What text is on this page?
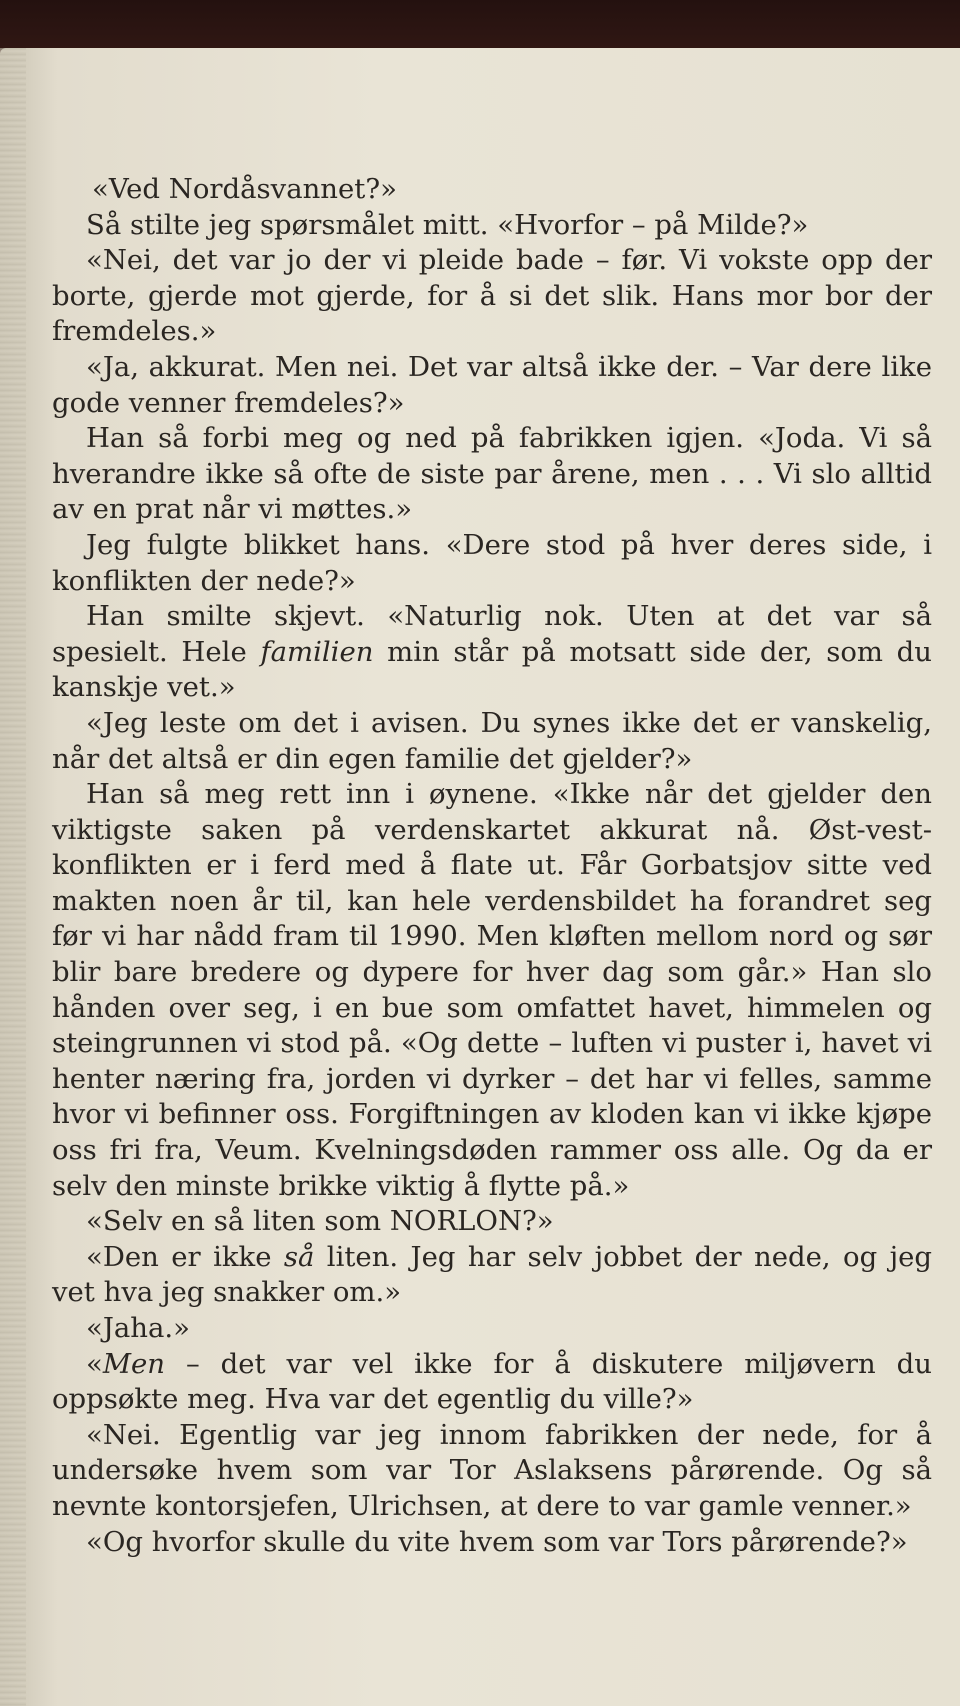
«Ved Nordåsvannet?»

Så stilte jeg spørsmålet mitt. «Hvorfor – på Milde?»

«Nei, det var jo der vi pleide bade – før. Vi vokste opp der borte, gjerde mot gjerde, for å si det slik. Hans mor bor der fremdeles.»

«Ja, akkurat. Men nei. Det var altså ikke der. – Var dere like gode venner fremdeles?»

Han så forbi meg og ned på fabrikken igjen. «Joda. Vi så hverandre ikke så ofte de siste par årene, men . . . Vi slo alltid av en prat når vi møttes.»

Jeg fulgte blikket hans. «Dere stod på hver deres side, i konflikten der nede?»

Han smilte skjevt. «Naturlig nok. Uten at det var så spesielt. Hele familien min står på motsatt side der, som du kanskje vet.»

«Jeg leste om det i avisen. Du synes ikke det er vanskelig, når det altså er din egen familie det gjelder?»

Han så meg rett inn i øynene. «Ikke når det gjelder den viktigste saken på verdenskartet akkurat nå. Øst-vest-konflikten er i ferd med å flate ut. Får Gorbatsjov sitte ved makten noen år til, kan hele verdensbildet ha forandret seg før vi har nådd fram til 1990. Men kløften mellom nord og sør blir bare bredere og dypere for hver dag som går.» Han slo hånden over seg, i en bue som omfattet havet, himmelen og steingrunnen vi stod på. «Og dette – luften vi puster i, havet vi henter næring fra, jorden vi dyrker – det har vi felles, samme hvor vi befinner oss. Forgiftningen av kloden kan vi ikke kjøpe oss fri fra, Veum. Kvelningsdøden rammer oss alle. Og da er selv den minste brikke viktig å flytte på.»

«Selv en så liten som NORLON?»

«Den er ikke så liten. Jeg har selv jobbet der nede, og jeg vet hva jeg snakker om.»

«Jaha.»

«Men – det var vel ikke for å diskutere miljøvern du oppsøkte meg. Hva var det egentlig du ville?»

«Nei. Egentlig var jeg innom fabrikken der nede, for å undersøke hvem som var Tor Aslaksens pårørende. Og så nevnte kontorsjefen, Ulrichsen, at dere to var gamle venner.»

«Og hvorfor skulle du vite hvem som var Tors pårørende?»
